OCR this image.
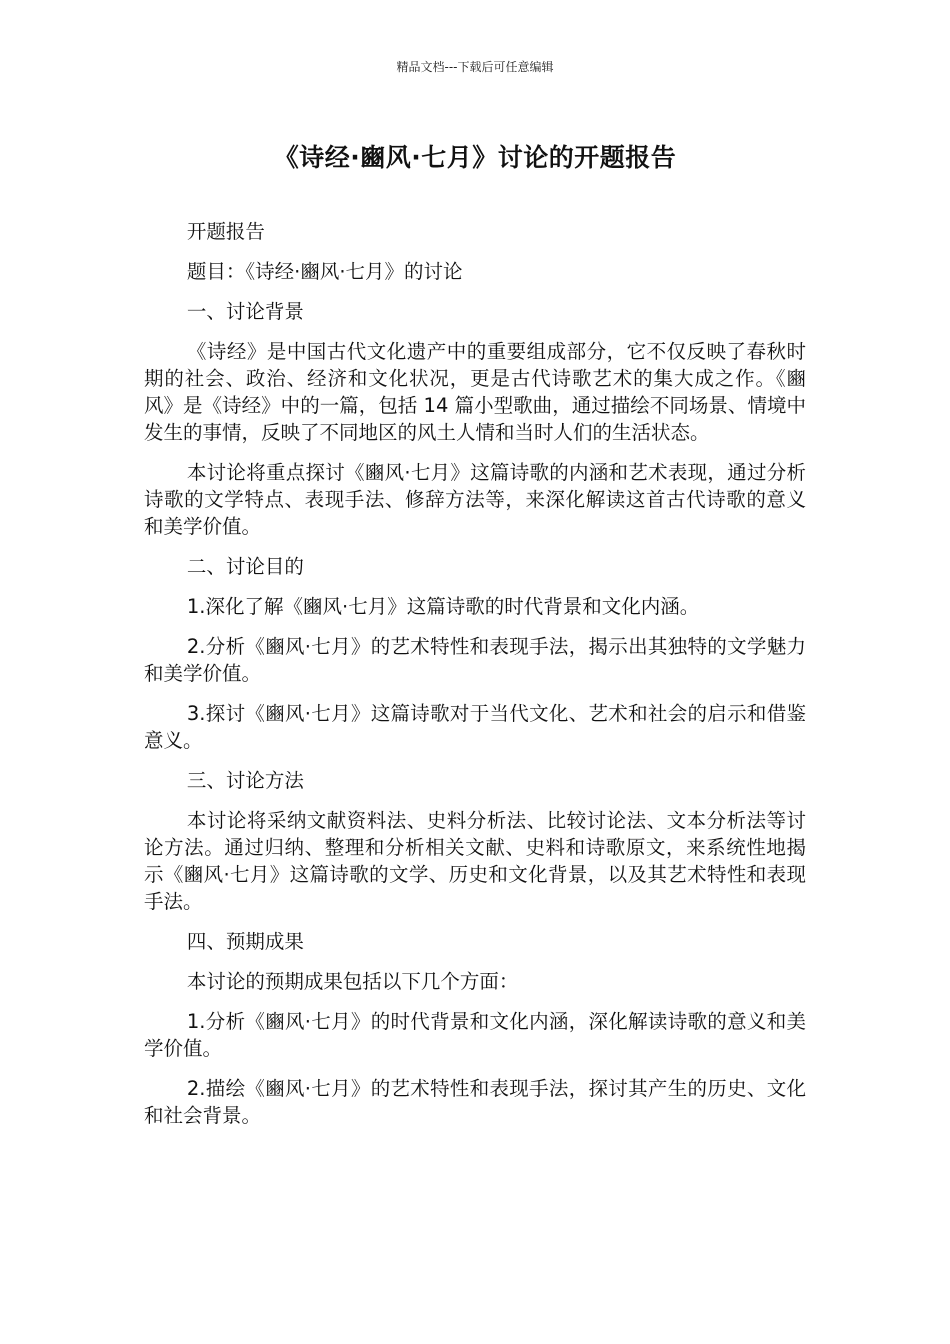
精品文档---下载后可任意编辑
《诗经·豳风·七月》讨论的开题报告

开题报告

题目：《诗经·豳风·七月》的讨论

一、讨论背景

《诗经》是中国古代文化遗产中的重要组成部分，它不仅反映了春秋时期的社会、政治、经济和文化状况，更是古代诗歌艺术的集大成之作。《豳风》是《诗经》中的一篇，包括 14 篇小型歌曲，通过描绘不同场景、情境中发生的事情，反映了不同地区的风土人情和当时人们的生活状态。

本讨论将重点探讨《豳风·七月》这篇诗歌的内涵和艺术表现，通过分析诗歌的文学特点、表现手法、修辞方法等，来深化解读这首古代诗歌的意义和美学价值。

二、讨论目的

1.深化了解《豳风·七月》这篇诗歌的时代背景和文化内涵。

2.分析《豳风·七月》的艺术特性和表现手法，揭示出其独特的文学魅力和美学价值。

3.探讨《豳风·七月》这篇诗歌对于当代文化、艺术和社会的启示和借鉴意义。

三、讨论方法

本讨论将采纳文献资料法、史料分析法、比较讨论法、文本分析法等讨论方法。通过归纳、整理和分析相关文献、史料和诗歌原文，来系统性地揭示《豳风·七月》这篇诗歌的文学、历史和文化背景，以及其艺术特性和表现手法。

四、预期成果

本讨论的预期成果包括以下几个方面：

1.分析《豳风·七月》的时代背景和文化内涵，深化解读诗歌的意义和美学价值。

2.描绘《豳风·七月》的艺术特性和表现手法，探讨其产生的历史、文化和社会背景。
